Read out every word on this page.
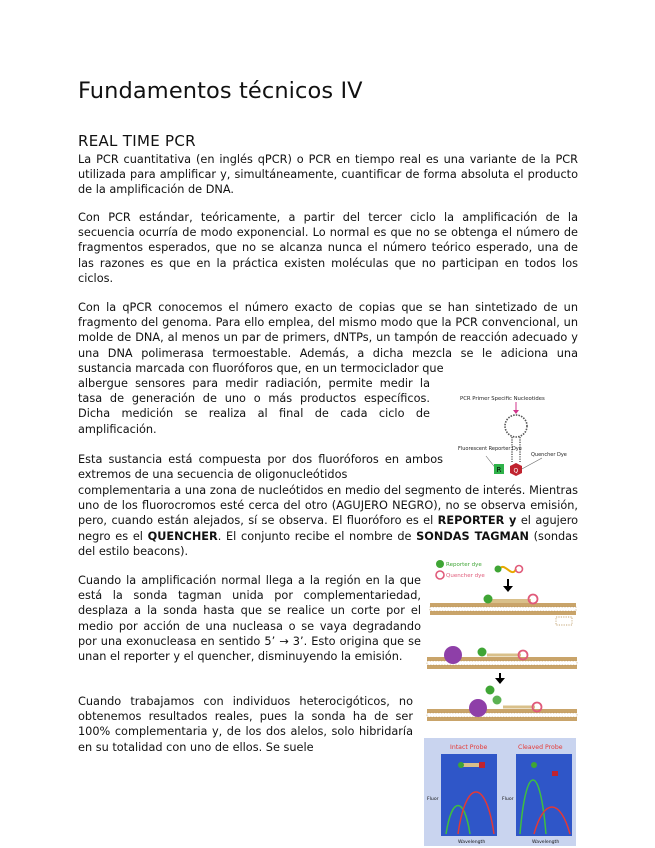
Fundamentos técnicos IV
REAL TIME PCR

La PCR cuantitativa (en inglés qPCR) o PCR en tiempo real es una variante de la PCR utilizada para amplificar y, simultáneamente, cuantificar de forma absoluta el producto de la amplificación de DNA.

Con PCR estándar, teóricamente, a partir del tercer ciclo la amplificación de la secuencia ocurría de modo exponencial. Lo normal es que no se obtenga el número de fragmentos esperados, que no se alcanza nunca el número teórico esperado, una de las razones es que en la práctica existen moléculas que no participan en todos los ciclos.

Con la qPCR conocemos el número exacto de copias que se han sintetizado de un fragmento del genoma. Para ello emplea, del mismo modo que la PCR convencional, un molde de DNA, al menos un par de primers, dNTPs, un tampón de reacción adecuado y una DNA polimerasa termoestable. Además, a dicha mezcla se le adiciona una sustancia marcada con fluoróforos que, en un termociclador que

albergue sensores para medir radiación, permite medir la tasa de generación de uno o más productos específicos. Dicha medición se realiza al final de cada ciclo de amplificación.

Esta sustancia está compuesta por dos fluoróforos en ambos extremos de una secuencia de oligonucleótidos

complementaria a una zona de nucleótidos en medio del segmento de interés. Mientras uno de los fluorocromos esté cerca del otro (AGUJERO NEGRO), no se observa emisión, pero, cuando están alejados, sí se observa. El fluoróforo es el REPORTER y el agujero negro es el QUENCHER. El conjunto recibe el nombre de SONDAS TAGMAN (sondas del estilo beacons).

Cuando la amplificación normal llega a la región en la que está la sonda tagman unida por complementariedad, desplaza a la sonda hasta que se realice un corte por el medio por acción de una nucleasa o se vaya degradando por una exonucleasa en sentido 5’ → 3’. Esto origina que se unan el reporter y el quencher, disminuyendo la emisión.

Cuando trabajamos con individuos heterocigóticos, no obtenemos resultados reales, pues la sonda ha de ser 100% complementaria y, de los dos alelos, solo hibridaría en su totalidad con uno de ellos. Se suele

PCR Primer Specific Nucleotides
Fluorescent Reporter Dye
Quencher Dye
R Q
Reporter dye
Quencher dye
Intact Probe	Cleaved Probe
Fluor	Fluor
Wavelength	Wavelength
